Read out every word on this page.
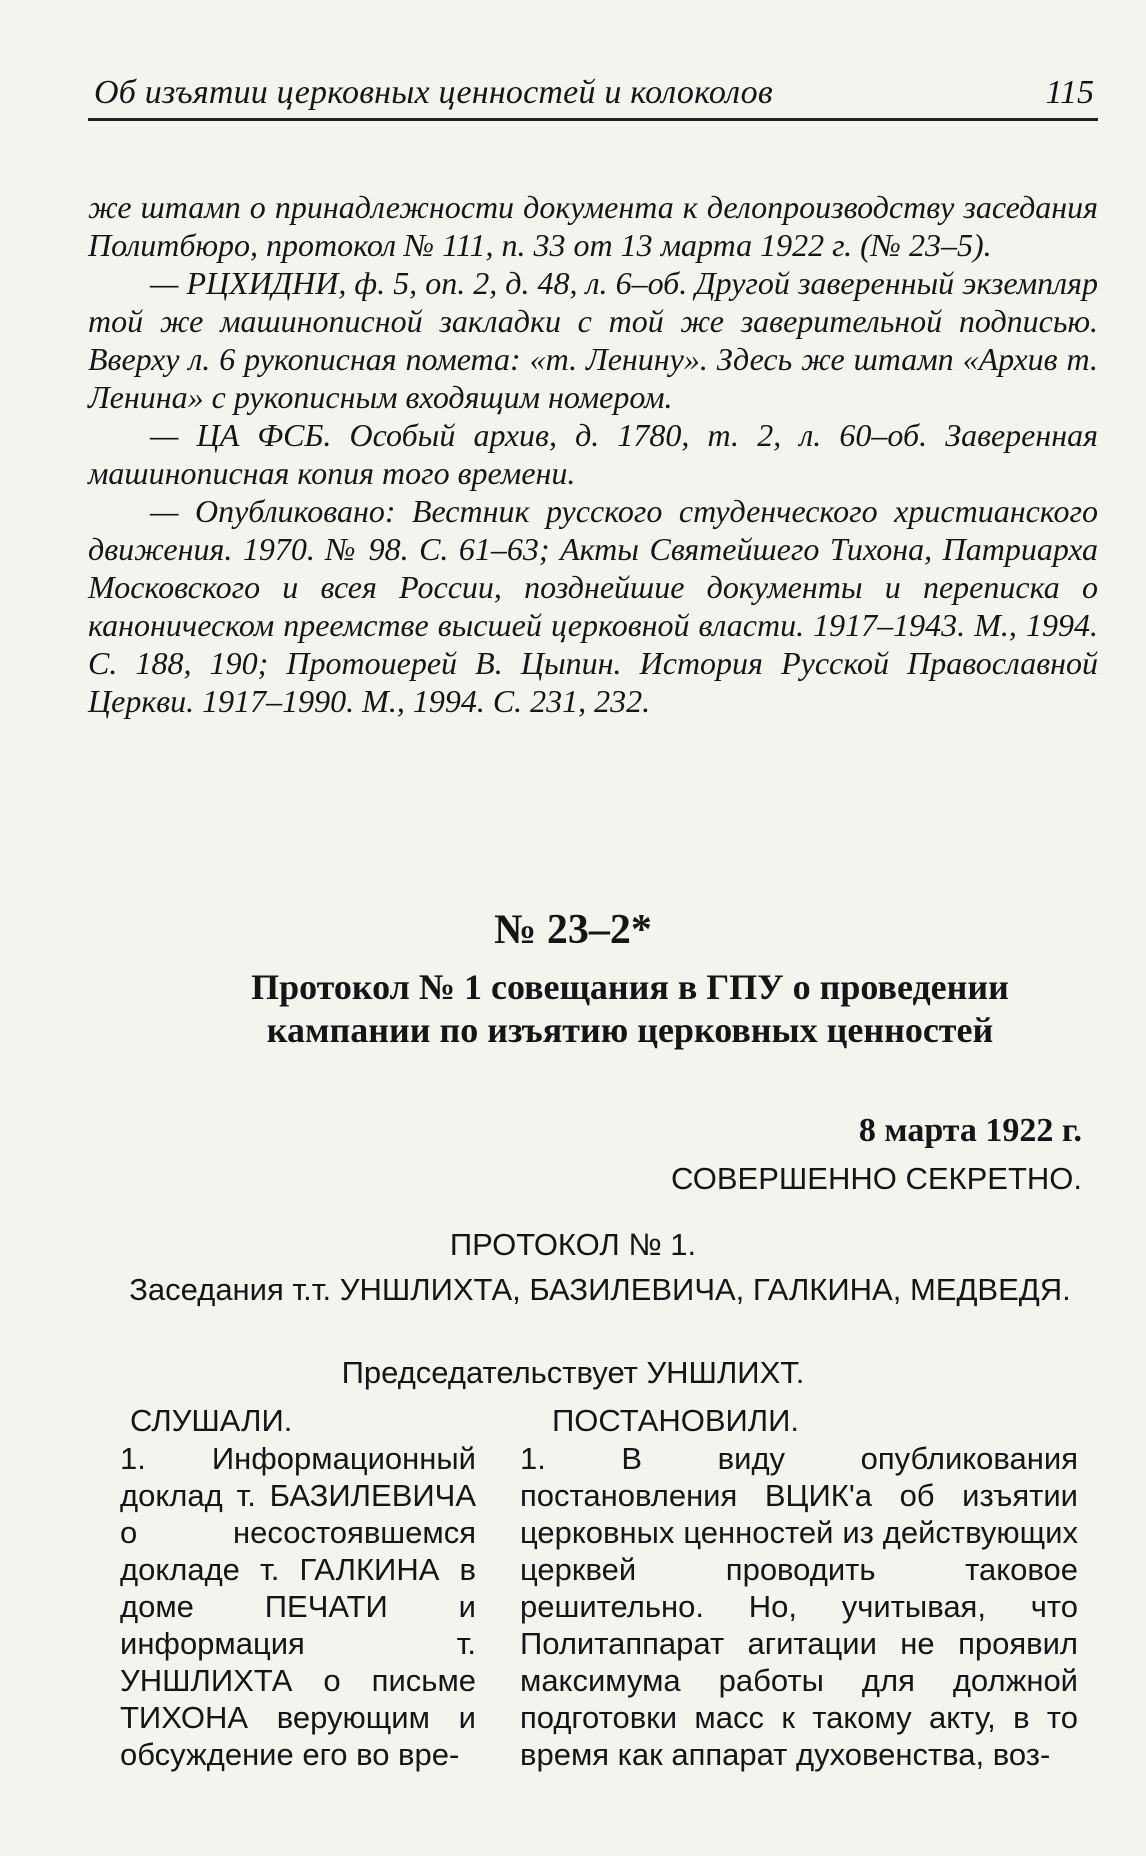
Об изъятии церковных ценностей и колоколов	115

же штамп о принадлежности документа к делопроизводству заседания Политбюро, протокол № 111, п. 33 от 13 марта 1922 г. (№ 23–5).

— РЦХИДНИ, ф. 5, оп. 2, д. 48, л. 6–об. Другой заверенный экземпляр той же машинописной закладки с той же заверительной подписью. Вверху л. 6 рукописная помета: «т. Ленину». Здесь же штамп «Архив т. Ленина» с рукописным входящим номером.

— ЦА ФСБ. Особый архив, д. 1780, т. 2, л. 60–об. Заверенная машинописная копия того времени.

— Опубликовано: Вестник русского студенческого христианского движения. 1970. № 98. С. 61–63; Акты Святейшего Тихона, Патриарха Московского и всея России, позднейшие документы и переписка о каноническом преемстве высшей церковной власти. 1917–1943. М., 1994. С. 188, 190; Протоиерей В. Цыпин. История Русской Православной Церкви. 1917–1990. М., 1994. С. 231, 232.

№ 23–2*
Протокол № 1 совещания в ГПУ о проведении кампании по изъятию церковных ценностей
8 марта 1922 г.
СОВЕРШЕННО СЕКРЕТНО.
ПРОТОКОЛ № 1.
Заседания т.т. УНШЛИХТА, БАЗИЛЕВИЧА, ГАЛКИНА, МЕДВЕДЯ.
Председательствует УНШЛИХТ.
СЛУШАЛИ.	ПОСТАНОВИЛИ.
1. Информационный доклад т. БАЗИЛЕВИЧА о несостоявшемся докладе т. ГАЛКИНА в доме ПЕЧАТИ и информация т. УНШЛИХТА о письме ТИХОНА верующим и обсуждение его во вре-
1. В виду опубликования постановления ВЦИК'а об изъятии церковных ценностей из действующих церквей проводить таковое решительно. Но, учитывая, что Политаппарат агитации не проявил максимума работы для должной подготовки масс к такому акту, в то время как аппарат духовенства, воз-
